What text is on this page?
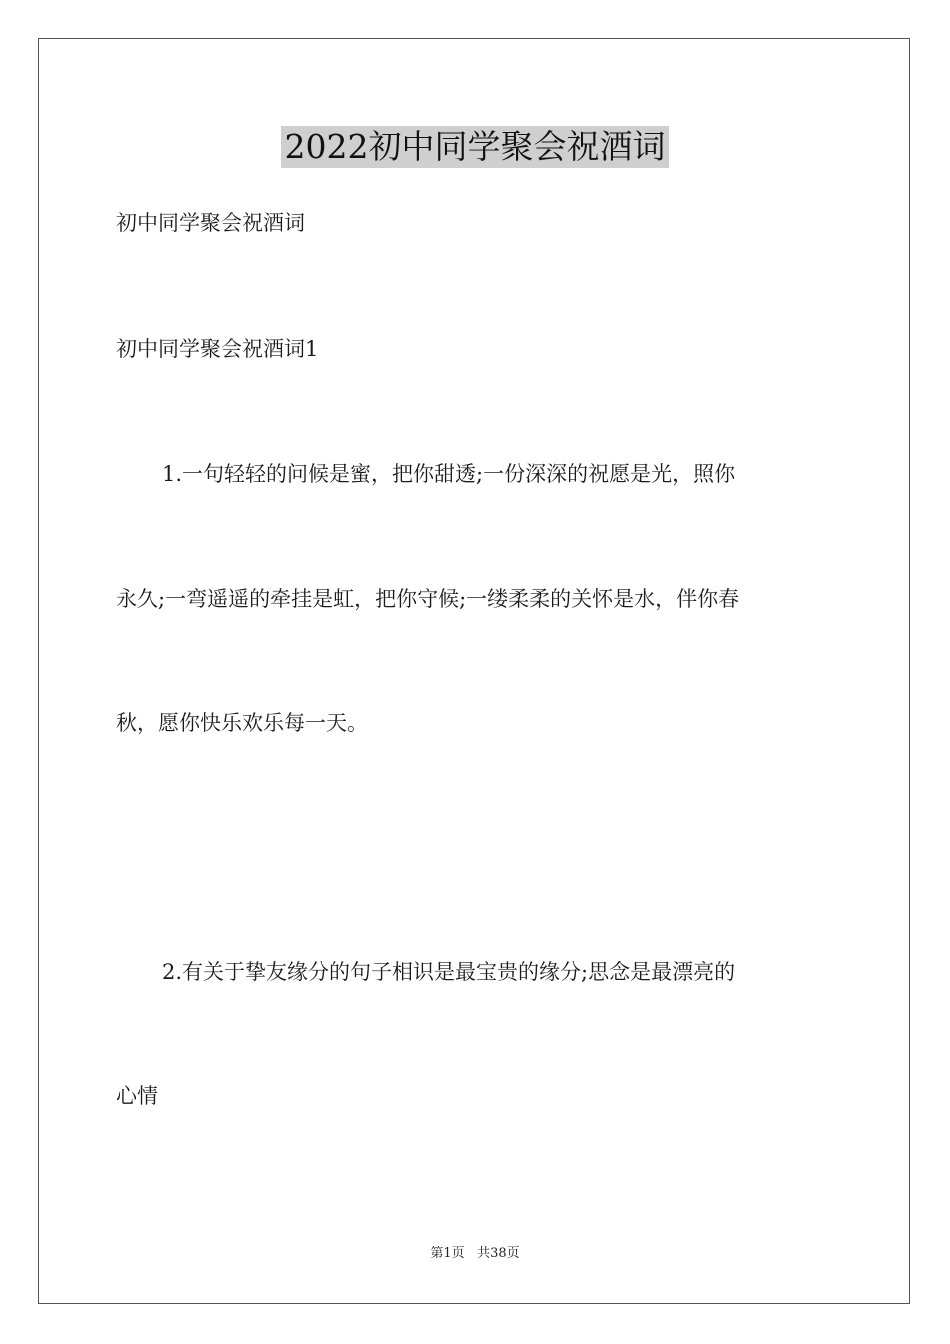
2022初中同学聚会祝酒词
初中同学聚会祝酒词
初中同学聚会祝酒词1
1.一句轻轻的问候是蜜，把你甜透;一份深深的祝愿是光，照你
永久;一弯遥遥的牵挂是虹，把你守候;一缕柔柔的关怀是水，伴你春
秋，愿你快乐欢乐每一天。
2.有关于挚友缘分的句子相识是最宝贵的缘分;思念是最漂亮的
心情
第1页 共38页
